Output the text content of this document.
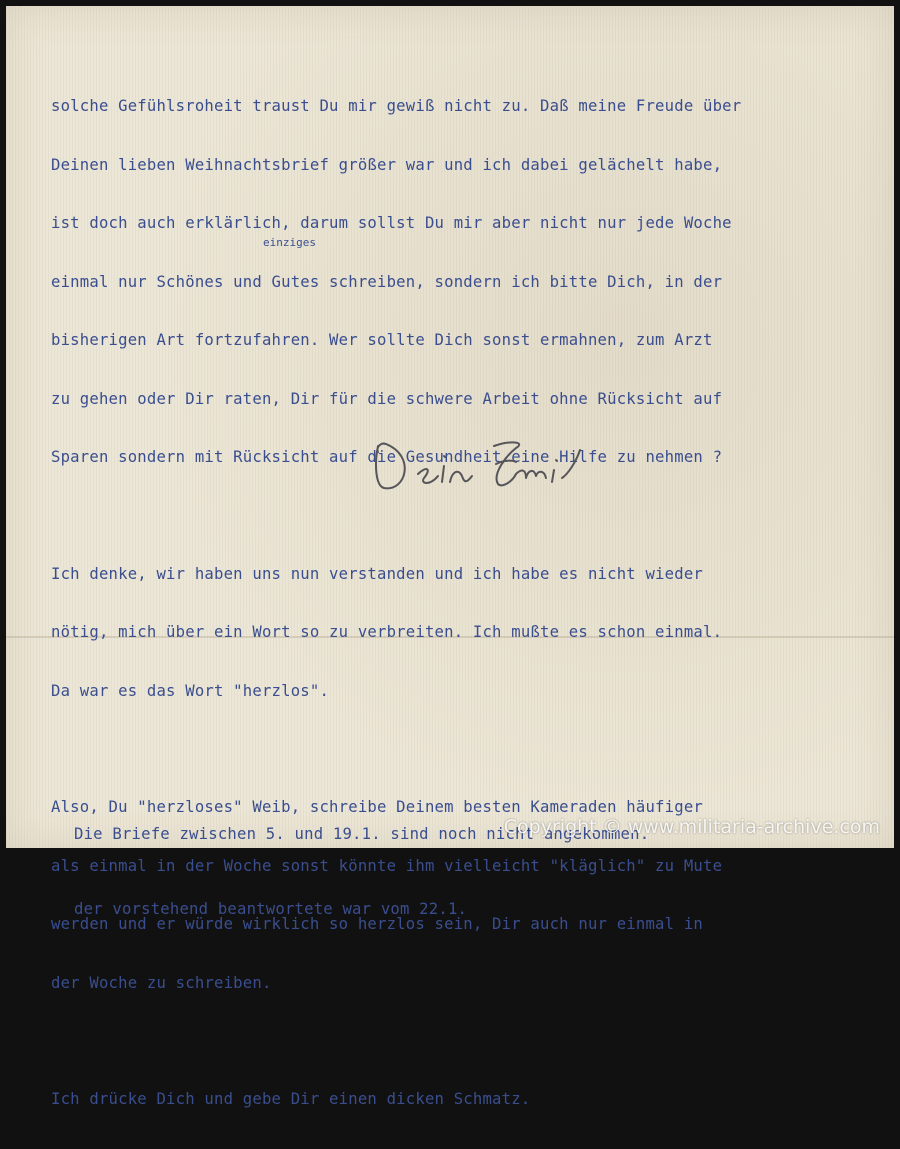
solche Gefühlsroheit traust Du mir gewiß nicht zu. Daß meine Freude über

Deinen lieben Weihnachtsbrief größer war und ich dabei gelächelt habe,

ist doch auch erklärlich, darum sollst Du mir aber nicht nur jede Woche

einmal nur Schönes und Gutes schreiben, sondern ich bitte Dich, in der

bisherigen Art fortzufahren. Wer sollte Dich sonst ermahnen, zum Arzt

zu gehen oder Dir raten, Dir für die schwere Arbeit ohne Rücksicht auf

Sparen sondern mit Rücksicht auf die Gesundheit eine Hilfe zu nehmen ?

Ich denke, wir haben uns nun verstanden und ich habe es nicht wieder

nötig, mich über ein Wort so zu verbreiten. Ich mußte es schon einmal.

Da war es das Wort "herzlos".

Also, Du "herzloses" Weib, schreibe Deinem besten Kameraden häufiger

als einmal in der Woche sonst könnte ihm vielleicht "kläglich" zu Mute

werden und er würde wirklich so herzlos sein, Dir auch nur einmal in

der Woche zu schreiben.

Ich drücke Dich und gebe Dir einen dicken Schmatz.

einziges
Dein Emil

Die Briefe zwischen 5. und 19.1. sind noch nicht angekommen.

der vorstehend beantwortete war vom 22.1.

Copyright © www.militaria-archive.com
